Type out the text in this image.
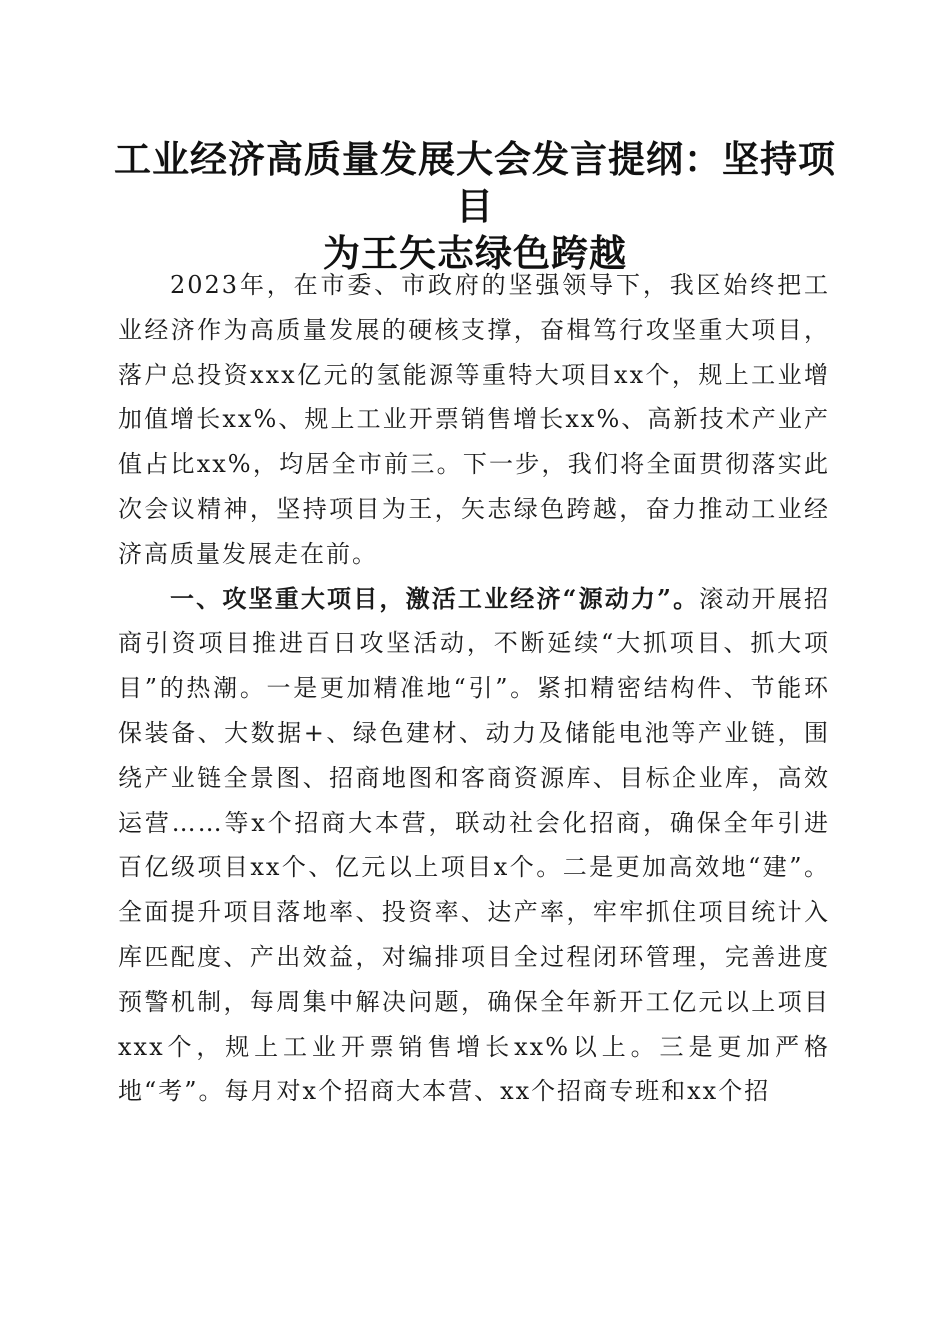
工业经济高质量发展大会发言提纲：坚持项目
为王矢志绿色跨越

2023年，在市委、市政府的坚强领导下，我区始终把工业经济作为高质量发展的硬核支撑，奋楫笃行攻坚重大项目，落户总投资xxx亿元的氢能源等重特大项目xx个，规上工业增加值增长xx%、规上工业开票销售增长xx%、高新技术产业产值占比xx%，均居全市前三。下一步，我们将全面贯彻落实此次会议精神，坚持项目为王，矢志绿色跨越，奋力推动工业经济高质量发展走在前。

一、攻坚重大项目，激活工业经济“源动力”。滚动开展招商引资项目推进百日攻坚活动，不断延续“大抓项目、抓大项目”的热潮。一是更加精准地“引”。紧扣精密结构件、节能环保装备、大数据+、绿色建材、动力及储能电池等产业链，围绕产业链全景图、招商地图和客商资源库、目标企业库，高效运营……等x个招商大本营，联动社会化招商，确保全年引进百亿级项目xx个、亿元以上项目x个。二是更加高效地“建”。全面提升项目落地率、投资率、达产率，牢牢抓住项目统计入库匹配度、产出效益，对编排项目全过程闭环管理，完善进度预警机制，每周集中解决问题，确保全年新开工亿元以上项目xxx个，规上工业开票销售增长xx%以上。三是更加严格地“考”。每月对x个招商大本营、xx个招商专班和xx个招
